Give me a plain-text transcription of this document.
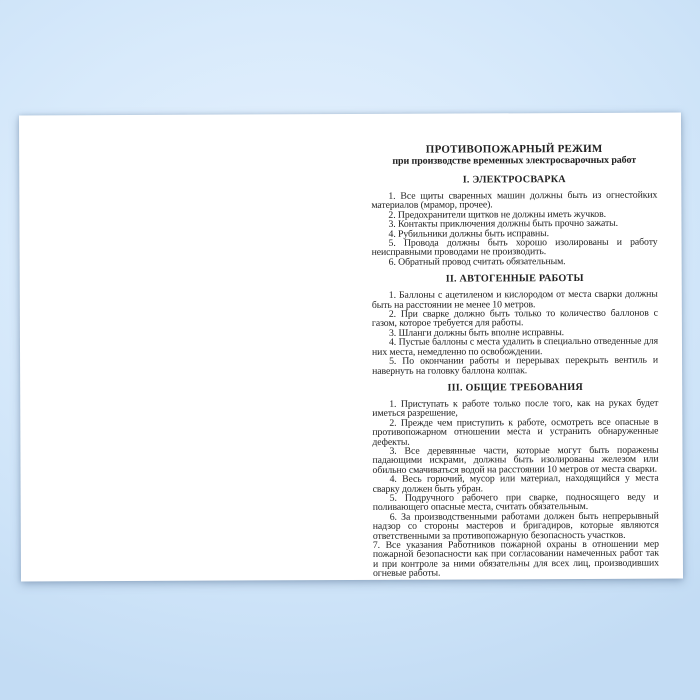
ПРОТИВОПОЖАРНЫЙ РЕЖИМ
при производстве временных электросварочных работ
I. ЭЛЕКТРОСВАРКА

1. Все щиты сваренных машин должны быть из огнестойких материалов (мрамор, прочее).

2. Предохранители щитков не должны иметь жучков.

3. Контакты приключения должны быть прочно зажаты.

4. Рубильники должны быть исправны.

5. Провода должны быть хорошо изолированы и работу неисправными проводами не производить.

6. Обратный провод считать обязательным.

II. АВТОГЕННЫЕ РАБОТЫ

1. Баллоны с ацетиленом и кислородом от места сварки должны быть на расстоянии не менее 10 метров.

2. При сварке должно быть только то количество баллонов с газом, которое требуется для работы.

3. Шланги должны быть вполне исправны.

4. Пустые баллоны с места удалить в специально отведенные для них места, немедленно по освобождении.

5. По окончании работы и перерывах перекрыть вентиль и навернуть на головку баллона колпак.

III. ОБЩИЕ ТРЕБОВАНИЯ

1. Приступать к работе только после того, как на руках будет иметься разрешение,

2. Прежде чем приступить к работе, осмотреть все опасные в противопожарном отношении места и устранить обнаруженные дефекты.

3. Все деревянные части, которые могут быть поражены падающими искрами, должны быть изолированы железом или обильно смачиваться водой на расстоянии 10 метров от места сварки.

4. Весь горючий, мусор или материал, находящийся у места сварку должен быть убран.

5. Подручного рабочего при сварке, подносящего веду и поливающего опасные места, считать обязательным.

6. За производственными работами должен быть непрерывный надзор со стороны мастеров и бригадиров, которые являются ответственными за противопожарную безопасность участков.

7. Все указания Работников пожарной охраны в отношении мер пожарной безопасности как при согласовании намеченных работ так и при контроле за ними обязательны для всех лиц, производивших огневые работы.
